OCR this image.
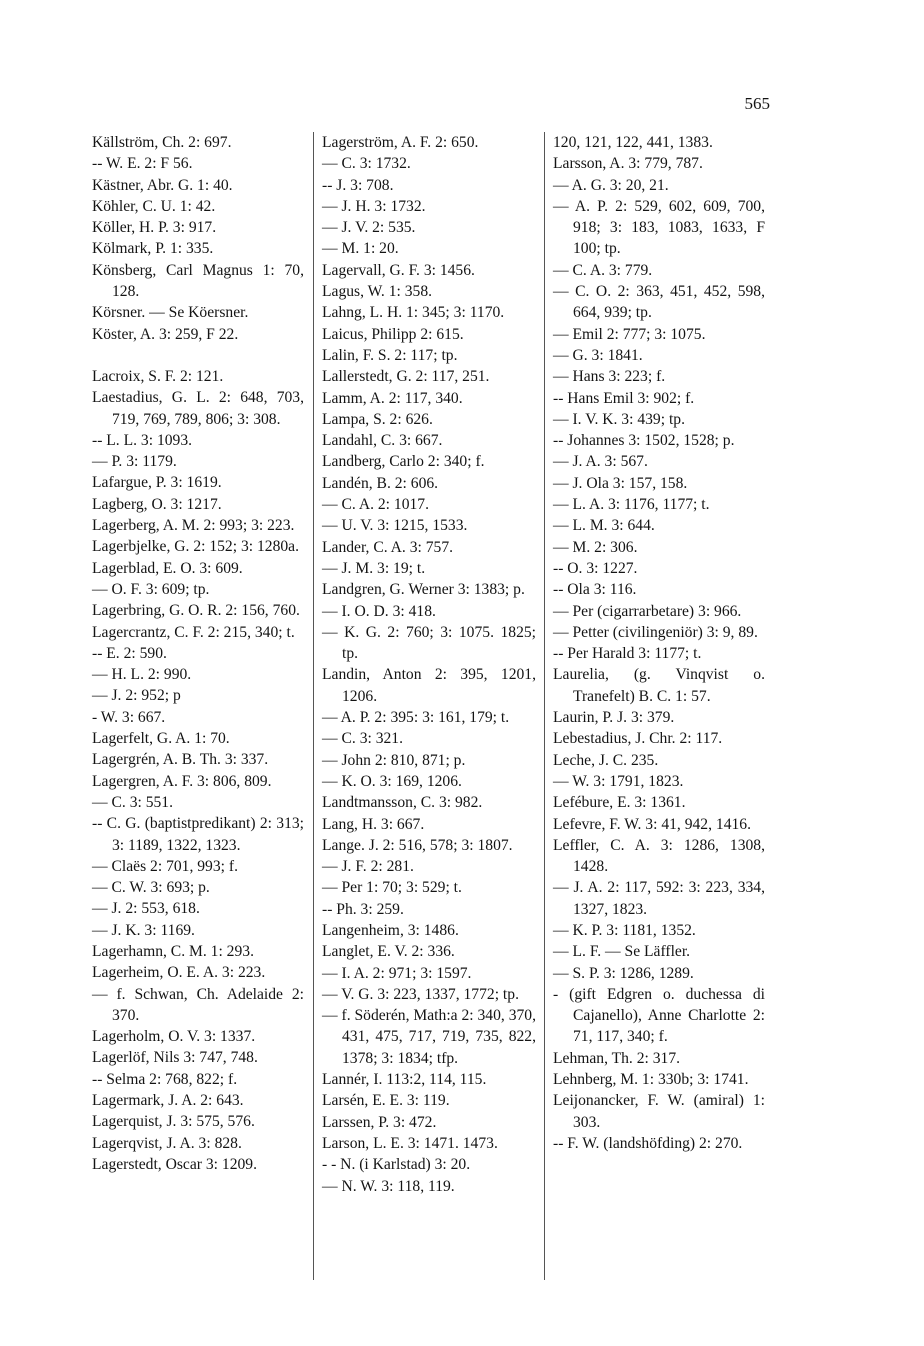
565
Källström, Ch. 2: 697.
-- W. E. 2: F 56.
Kästner, Abr. G. 1: 40.
Köhler, C. U. 1: 42.
Köller, H. P. 3: 917.
Kölmark, P. 1: 335.
Könsberg, Carl Magnus 1: 70, 128.
Körsner. — Se Köersner.
Köster, A. 3: 259, F 22.
Lacroix, S. F. 2: 121.
Laestadius, G. L. 2: 648, 703, 719, 769, 789, 806; 3: 308.
-- L. L. 3: 1093.
— P. 3: 1179.
Lafargue, P. 3: 1619.
Lagberg, O. 3: 1217.
Lagerberg, A. M. 2: 993; 3: 223.
Lagerbjelke, G. 2: 152; 3: 1280a.
Lagerblad, E. O. 3: 609.
— O. F. 3: 609; tp.
Lagerbring, G. O. R. 2: 156, 760.
Lagercrantz, C. F. 2: 215, 340; t.
-- E. 2: 590.
— H. L. 2: 990.
— J. 2: 952; p
- W. 3: 667.
Lagerfelt, G. A. 1: 70.
Lagergrén, A. B. Th. 3: 337.
Lagergren, A. F. 3: 806, 809.
— C. 3: 551.
-- C. G. (baptistpredikant) 2: 313; 3: 1189, 1322, 1323.
— Claës 2: 701, 993; f.
— C. W. 3: 693; p.
— J. 2: 553, 618.
— J. K. 3: 1169.
Lagerhamn, C. M. 1: 293.
Lagerheim, O. E. A. 3: 223.
— f. Schwan, Ch. Adelaide 2: 370.
Lagerholm, O. V. 3: 1337.
Lagerlöf, Nils 3: 747, 748.
-- Selma 2: 768, 822; f.
Lagermark, J. A. 2: 643.
Lagerquist, J. 3: 575, 576.
Lagerqvist, J. A. 3: 828.
Lagerstedt, Oscar 3: 1209.
Lagerström, A. F. 2: 650.
— C. 3: 1732.
-- J. 3: 708.
— J. H. 3: 1732.
— J. V. 2: 535.
— M. 1: 20.
Lagervall, G. F. 3: 1456.
Lagus, W. 1: 358.
Lahng, L. H. 1: 345; 3: 1170.
Laicus, Philipp 2: 615.
Lalin, F. S. 2: 117; tp.
Lallerstedt, G. 2: 117, 251.
Lamm, A. 2: 117, 340.
Lampa, S. 2: 626.
Landahl, C. 3: 667.
Landberg, Carlo 2: 340; f.
Landén, B. 2: 606.
— C. A. 2: 1017.
— U. V. 3: 1215, 1533.
Lander, C. A. 3: 757.
— J. M. 3: 19; t.
Landgren, G. Werner 3: 1383; p.
— I. O. D. 3: 418.
— K. G. 2: 760; 3: 1075. 1825; tp.
Landin, Anton 2: 395, 1201, 1206.
— A. P. 2: 395: 3: 161, 179; t.
— C. 3: 321.
— John 2: 810, 871; p.
— K. O. 3: 169, 1206.
Landtmansson, C. 3: 982.
Lang, H. 3: 667.
Lange. J. 2: 516, 578; 3: 1807.
— J. F. 2: 281.
— Per 1: 70; 3: 529; t.
-- Ph. 3: 259.
Langenheim, 3: 1486.
Langlet, E. V. 2: 336.
— I. A. 2: 971; 3: 1597.
— V. G. 3: 223, 1337, 1772; tp.
— f. Söderén, Math:a 2: 340, 370, 431, 475, 717, 719, 735, 822, 1378; 3: 1834; tfp.
Lannér, I. 113:2, 114, 115.
Larsén, E. E. 3: 119.
Larssen, P. 3: 472.
Larson, L. E. 3: 1471. 1473.
- - N. (i Karlstad) 3: 20.
— N. W. 3: 118, 119.
120, 121, 122, 441, 1383.
Larsson, A. 3: 779, 787.
— A. G. 3: 20, 21.
— A. P. 2: 529, 602, 609, 700, 918; 3: 183, 1083, 1633, F 100; tp.
— C. A. 3: 779.
— C. O. 2: 363, 451, 452, 598, 664, 939; tp.
— Emil 2: 777; 3: 1075.
— G. 3: 1841.
— Hans 3: 223; f.
-- Hans Emil 3: 902; f.
— I. V. K. 3: 439; tp.
-- Johannes 3: 1502, 1528; p.
— J. A. 3: 567.
— J. Ola 3: 157, 158.
— L. A. 3: 1176, 1177; t.
— L. M. 3: 644.
— M. 2: 306.
-- O. 3: 1227.
-- Ola 3: 116.
— Per (cigarrarbetare) 3: 966.
— Petter (civilingeniör) 3: 9, 89.
-- Per Harald 3: 1177; t.
Laurelia, (g. Vinqvist o. Tranefelt) B. C. 1: 57.
Laurin, P. J. 3: 379.
Lebestadius, J. Chr. 2: 117.
Leche, J. C. 235.
— W. 3: 1791, 1823.
Lefébure, E. 3: 1361.
Lefevre, F. W. 3: 41, 942, 1416.
Leffler, C. A. 3: 1286, 1308, 1428.
— J. A. 2: 117, 592: 3: 223, 334, 1327, 1823.
— K. P. 3: 1181, 1352.
— L. F. — Se Läffler.
— S. P. 3: 1286, 1289.
- (gift Edgren o. duchessa di Cajanello), Anne Charlotte 2: 71, 117, 340; f.
Lehman, Th. 2: 317.
Lehnberg, M. 1: 330b; 3: 1741.
Leijonancker, F. W. (amiral) 1: 303.
-- F. W. (landshöfding) 2: 270.
